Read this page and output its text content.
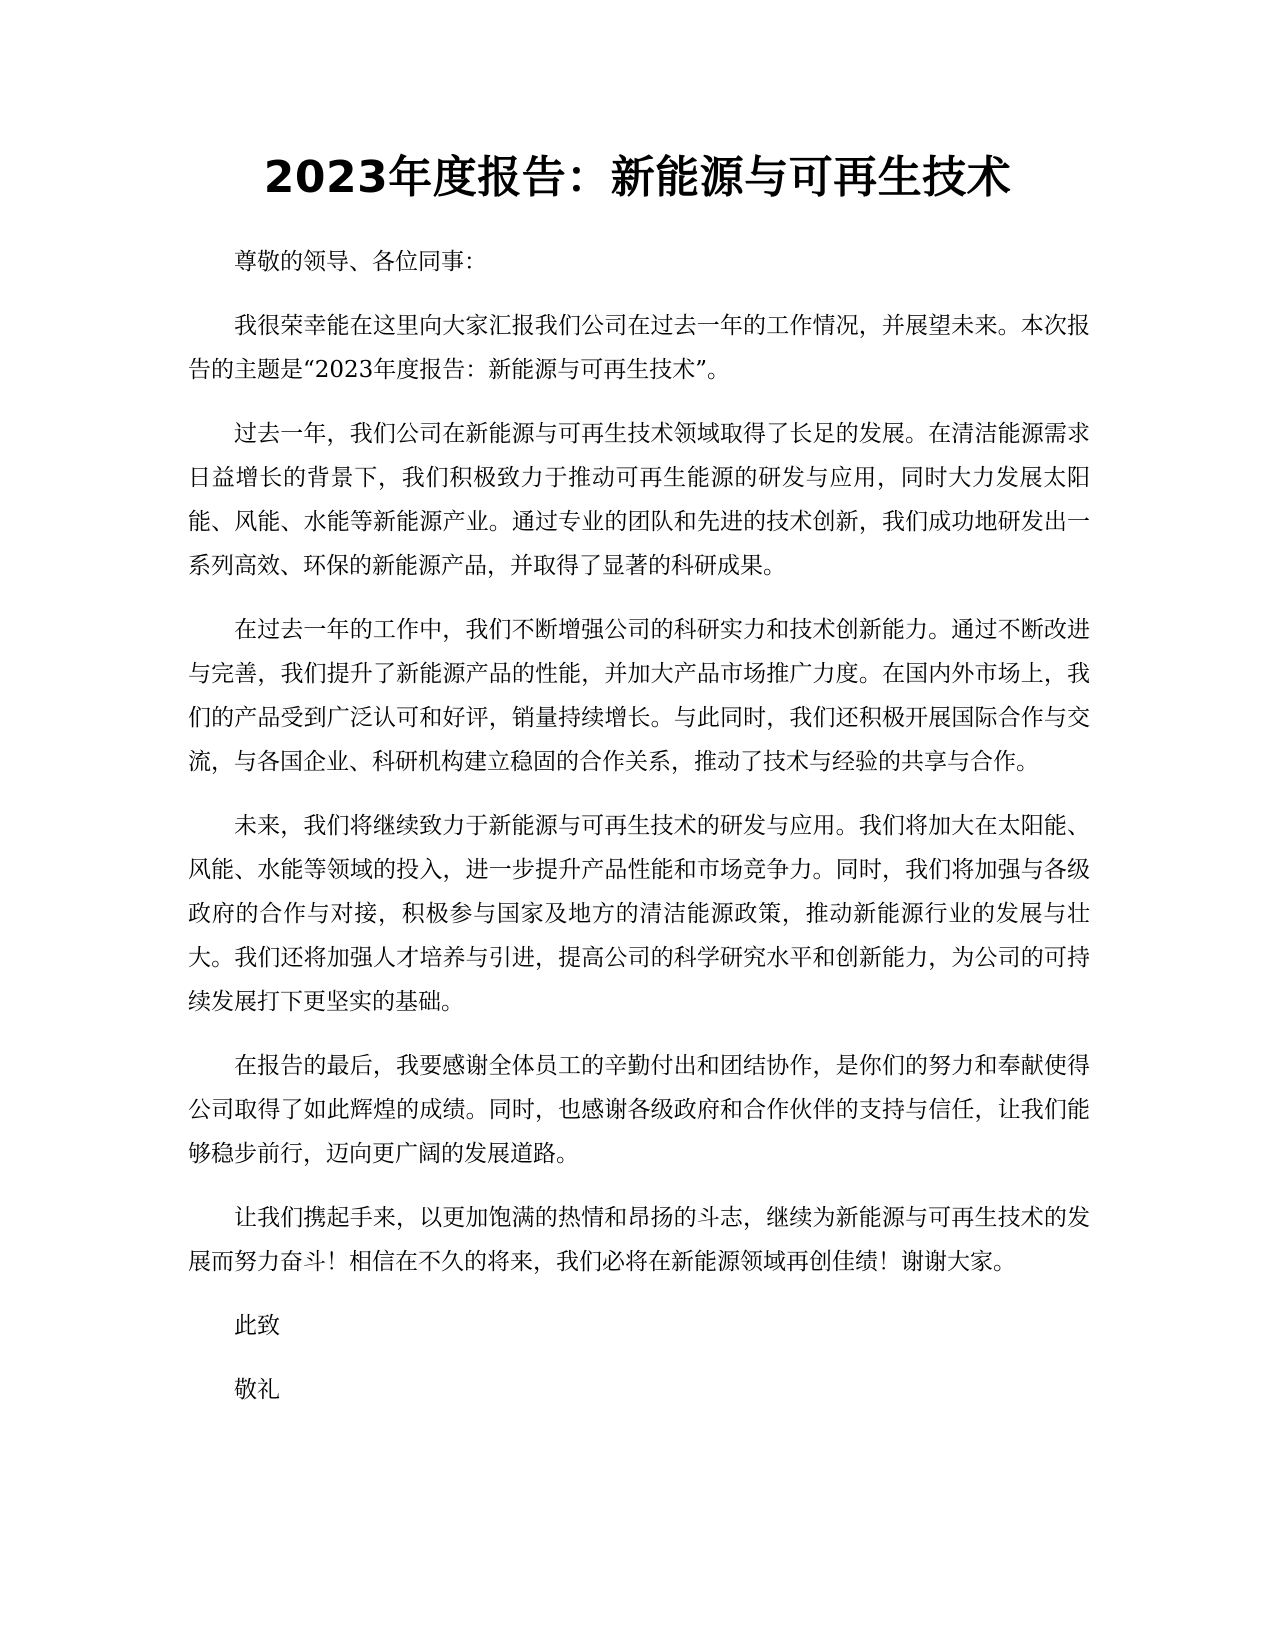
2023年度报告：新能源与可再生技术

尊敬的领导、各位同事：

我很荣幸能在这里向大家汇报我们公司在过去一年的工作情况，并展望未来。本次报告的主题是“2023年度报告：新能源与可再生技术”。

过去一年，我们公司在新能源与可再生技术领域取得了长足的发展。在清洁能源需求日益增长的背景下，我们积极致力于推动可再生能源的研发与应用，同时大力发展太阳能、风能、水能等新能源产业。通过专业的团队和先进的技术创新，我们成功地研发出一系列高效、环保的新能源产品，并取得了显著的科研成果。

在过去一年的工作中，我们不断增强公司的科研实力和技术创新能力。通过不断改进与完善，我们提升了新能源产品的性能，并加大产品市场推广力度。在国内外市场上，我们的产品受到广泛认可和好评，销量持续增长。与此同时，我们还积极开展国际合作与交流，与各国企业、科研机构建立稳固的合作关系，推动了技术与经验的共享与合作。

未来，我们将继续致力于新能源与可再生技术的研发与应用。我们将加大在太阳能、风能、水能等领域的投入，进一步提升产品性能和市场竞争力。同时，我们将加强与各级政府的合作与对接，积极参与国家及地方的清洁能源政策，推动新能源行业的发展与壮大。我们还将加强人才培养与引进，提高公司的科学研究水平和创新能力，为公司的可持续发展打下更坚实的基础。

在报告的最后，我要感谢全体员工的辛勤付出和团结协作，是你们的努力和奉献使得公司取得了如此辉煌的成绩。同时，也感谢各级政府和合作伙伴的支持与信任，让我们能够稳步前行，迈向更广阔的发展道路。

让我们携起手来，以更加饱满的热情和昂扬的斗志，继续为新能源与可再生技术的发展而努力奋斗！相信在不久的将来，我们必将在新能源领域再创佳绩！谢谢大家。

此致

敬礼
